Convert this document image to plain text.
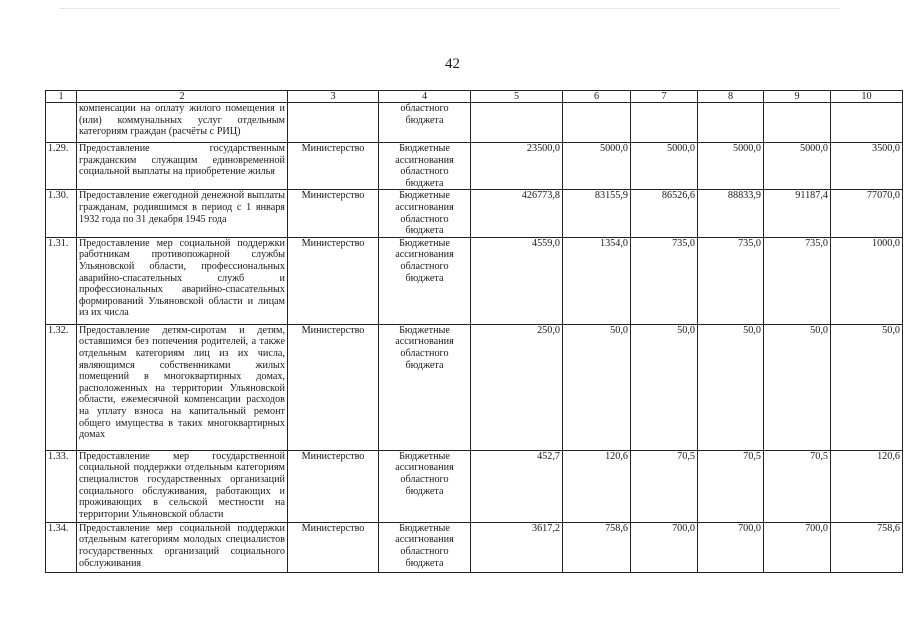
42
1	2	3	4	5	6	7	8	9	10
	компенсации на оплату жилого помещения и (или) коммунальных услуг отдельным категориям граждан (расчёты с РИЦ)		областного бюджета						
1.29.	Предоставление государственным гражданским служащим единовременной социальной выплаты на приобретение жилья	Министерство	Бюджетные ассигнования областного бюджета	23500,0	5000,0	5000,0	5000,0	5000,0	3500,0
1.30.	Предоставление ежегодной денежной выплаты гражданам, родившимся в период с 1 января 1932 года по 31 декабря 1945 года	Министерство	Бюджетные ассигнования областного бюджета	426773,8	83155,9	86526,6	88833,9	91187,4	77070,0
1.31.	Предоставление мер социальной поддержки работникам противопожарной службы Ульяновской области, профессиональных аварийно-спасательных служб и профессиональных аварийно-спасательных формирований Ульяновской области и лицам из их числа	Министерство	Бюджетные ассигнования областного бюджета	4559,0	1354,0	735,0	735,0	735,0	1000,0
1.32.	Предоставление детям-сиротам и детям, оставшимся без попечения родителей, а также отдельным категориям лиц из их числа, являющимся собственниками жилых помещений в многоквартирных домах, расположенных на территории Ульяновской области, ежемесячной компенсации расходов на уплату взноса на капитальный ремонт общего имущества в таких многоквартирных домах	Министерство	Бюджетные ассигнования областного бюджета	250,0	50,0	50,0	50,0	50,0	50,0
1.33.	Предоставление мер государственной социальной поддержки отдельным категориям специалистов государственных организаций социального обслуживания, работающих и проживающих в сельской местности на территории Ульяновской области	Министерство	Бюджетные ассигнования областного бюджета	452,7	120,6	70,5	70,5	70,5	120,6
1.34.	Предоставление мер социальной поддержки отдельным категориям молодых специалистов государственных организаций социального обслуживания	Министерство	Бюджетные ассигнования областного бюджета	3617,2	758,6	700,0	700,0	700,0	758,6
